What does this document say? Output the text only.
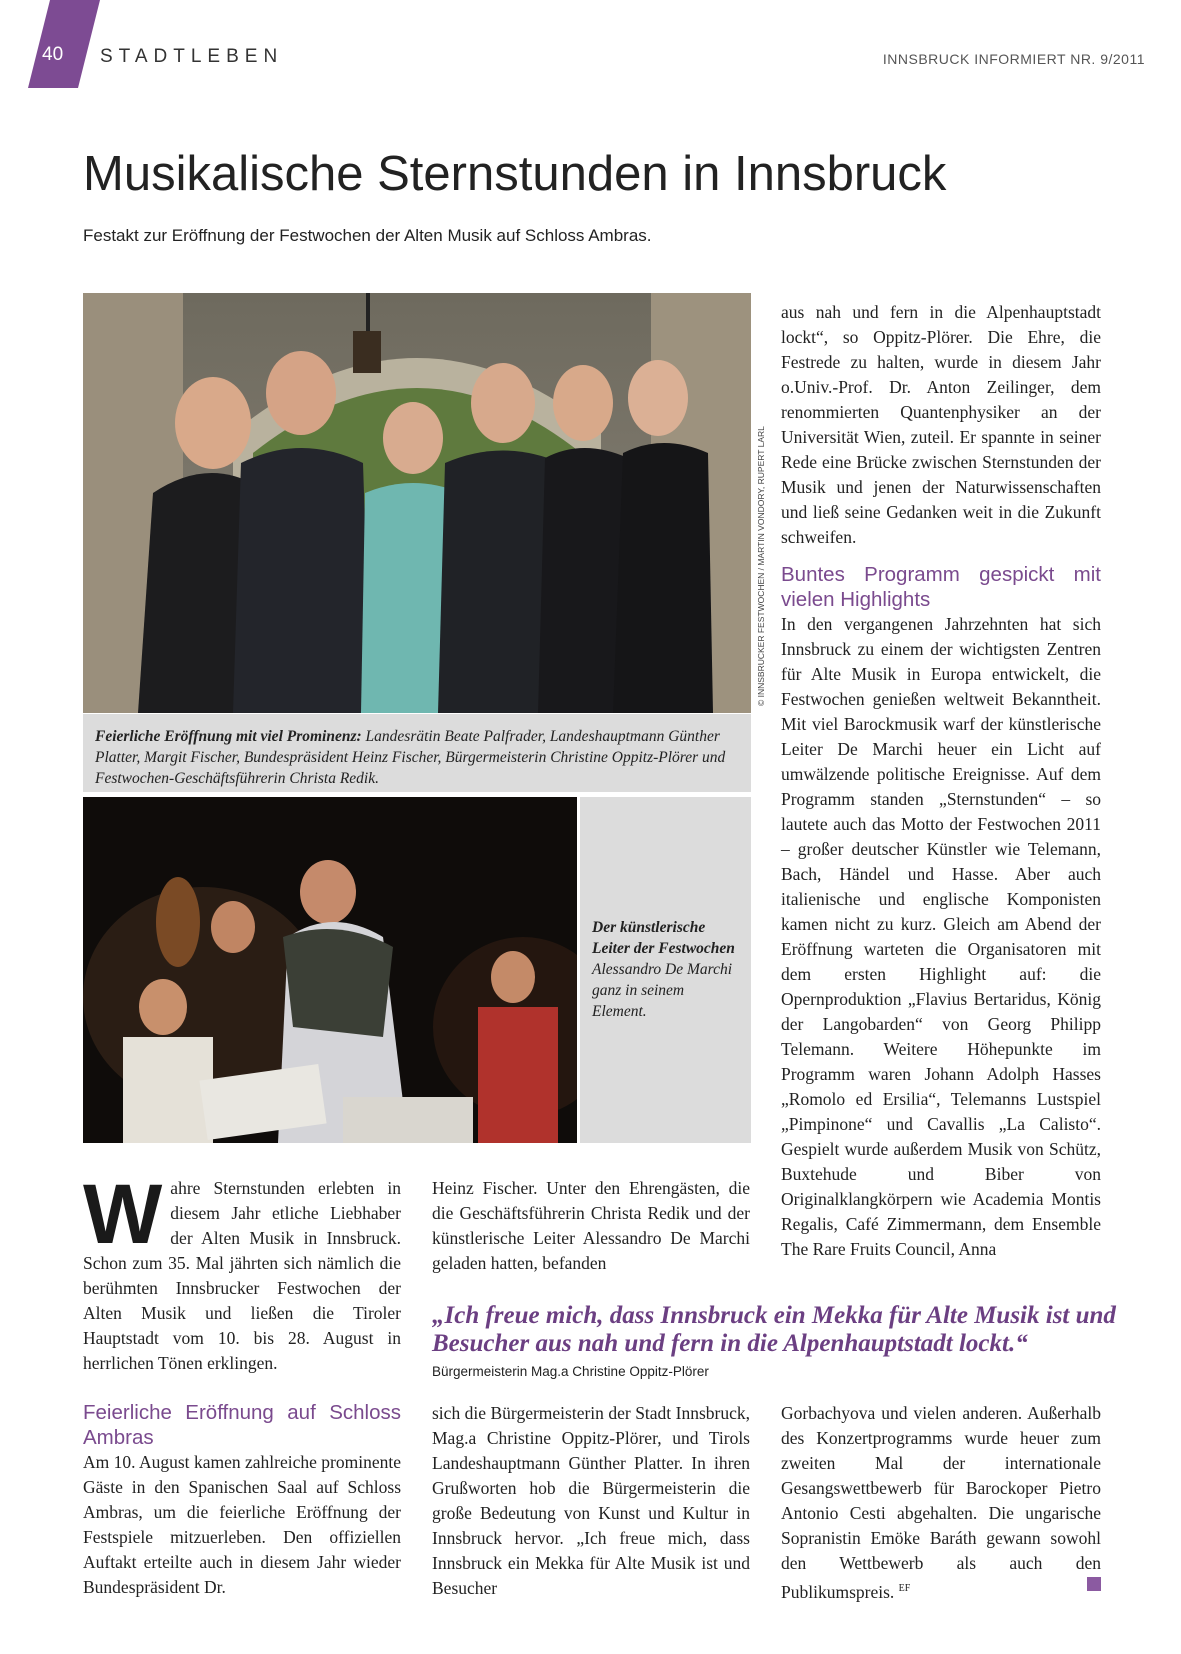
40 STADTLEBEN	INNSBRUCK INFORMIERT NR. 9/2011
Musikalische Sternstunden in Innsbruck
Festakt zur Eröffnung der Festwochen der Alten Musik auf Schloss Ambras.
© INNSBRUCKER FESTWOCHEN / MARTIN VONDORY, RUPERT LARL
Feierliche Eröffnung mit viel Prominenz: Landesrätin Beate Palfrader, Landeshauptmann Günther Platter, Margit Fischer, Bundespräsident Heinz Fischer, Bürgermeisterin Christine Oppitz-Plörer und Festwochen-Geschäftsführerin Christa Redik.
Der künstlerische Leiter der Festwochen
Alessandro De Marchi ganz in seinem Element.
W ahre Sternstunden erlebten in diesem Jahr etliche Liebhaber der Alten Musik in Innsbruck. Schon zum 35. Mal jährten sich nämlich die berühmten Innsbrucker Festwochen der Alten Musik und ließen die Tiroler Hauptstadt vom 10. bis 28. August in herrlichen Tönen erklingen.

Feierliche Eröffnung auf Schloss Ambras

Am 10. August kamen zahlreiche prominente Gäste in den Spanischen Saal auf Schloss Ambras, um die feierliche Eröffnung der Festspiele mitzuerleben. Den offiziellen Auftakt erteilte auch in diesem Jahr wieder Bundespräsident Dr.

Heinz Fischer. Unter den Ehrengästen, die die Geschäftsführerin Christa Redik und der künstlerische Leiter Alessandro De Marchi geladen hatten, befanden

„Ich freue mich, dass Innsbruck ein Mekka für Alte Musik ist und Besucher aus nah und fern in die Alpenhauptstadt lockt.“
Bürgermeisterin Mag.a Christine Oppitz-Plörer

sich die Bürgermeisterin der Stadt Innsbruck, Mag.a Christine Oppitz-Plörer, und Tirols Landeshauptmann Günther Platter. In ihren Grußworten hob die Bürgermeisterin die große Bedeutung von Kunst und Kultur in Innsbruck hervor. „Ich freue mich, dass Innsbruck ein Mekka für Alte Musik ist und Besucher

aus nah und fern in die Alpenhauptstadt lockt“, so Oppitz-Plörer. Die Ehre, die Festrede zu halten, wurde in diesem Jahr o.Univ.-Prof. Dr. Anton Zeilinger, dem renommierten Quantenphysiker an der Universität Wien, zuteil. Er spannte in seiner Rede eine Brücke zwischen Sternstunden der Musik und jenen der Naturwissenschaften und ließ seine Gedanken weit in die Zukunft schweifen.

Buntes Programm gespickt mit vielen Highlights

In den vergangenen Jahrzehnten hat sich Innsbruck zu einem der wichtigsten Zentren für Alte Musik in Europa entwickelt, die Festwochen genießen weltweit Bekanntheit. Mit viel Barockmusik warf der künstlerische Leiter De Marchi heuer ein Licht auf umwälzende politische Ereignisse. Auf dem Programm standen „Sternstunden“ – so lautete auch das Motto der Festwochen 2011 – großer deutscher Künstler wie Telemann, Bach, Händel und Hasse. Aber auch italienische und englische Komponisten kamen nicht zu kurz. Gleich am Abend der Eröffnung warteten die Organisatoren mit dem ersten Highlight auf: die Opernproduktion „Flavius Bertaridus, König der Langobarden“ von Georg Philipp Telemann. Weitere Höhepunkte im Programm waren Johann Adolph Hasses „Romolo ed Ersilia“, Telemanns Lustspiel „Pimpinone“ und Cavallis „La Calisto“. Gespielt wurde außerdem Musik von Schütz, Buxtehude und Biber von Originalklangkörpern wie Academia Montis Regalis, Café Zimmermann, dem Ensemble The Rare Fruits Council, Anna

Gorbachyova und vielen anderen. Außerhalb des Konzertprogramms wurde heuer zum zweiten Mal der internationale Gesangswettbewerb für Barockoper Pietro Antonio Cesti abgehalten. Die ungarische Sopranistin Emöke Baráth gewann sowohl den Wettbewerb als auch den Publikumspreis. $^{EF}$
